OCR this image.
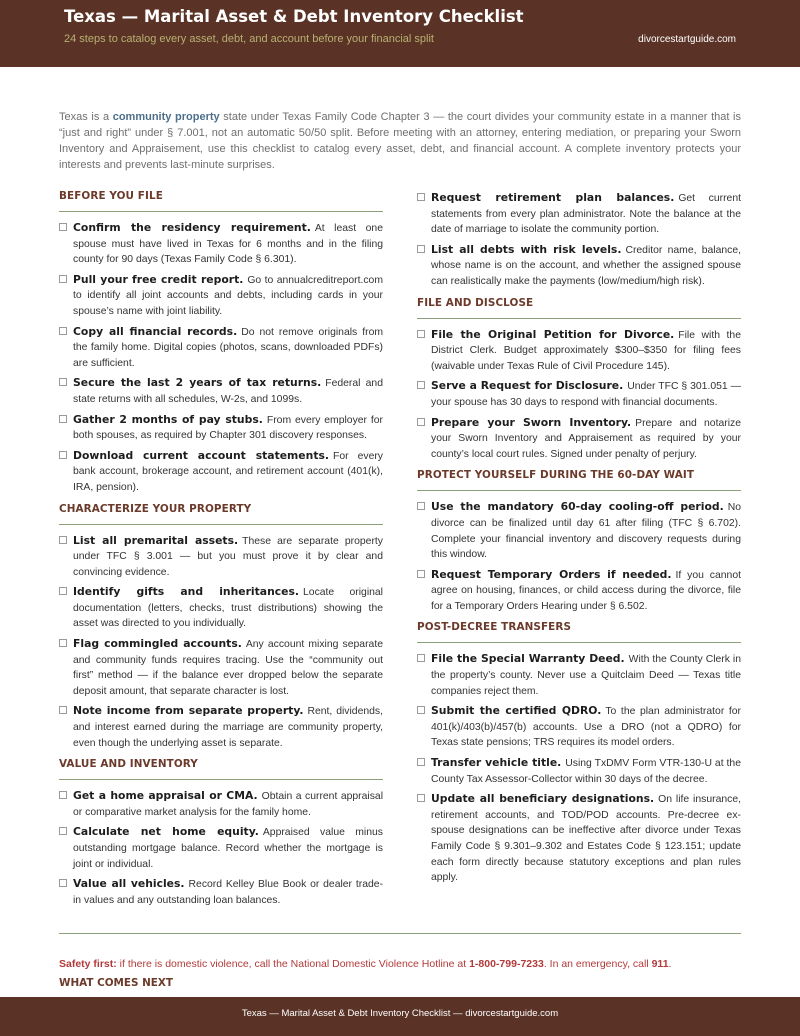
Texas — Marital Asset & Debt Inventory Checklist
24 steps to catalog every asset, debt, and account before your financial split	divorcestartguide.com

Texas is a community property state under Texas Family Code Chapter 3 — the court divides your community estate in a manner that is “just and right” under § 7.001, not an automatic 50/50 split. Before meeting with an attorney, entering mediation, or preparing your Sworn Inventory and Appraisement, use this checklist to catalog every asset, debt, and financial account. A complete inventory protects your interests and prevents last-minute surprises.

BEFORE YOU FILE
Confirm the residency requirement. At least one spouse must have lived in Texas for 6 months and in the filing county for 90 days (Texas Family Code § 6.301).
Pull your free credit report. Go to annualcreditreport.com to identify all joint accounts and debts, including cards in your spouse’s name with joint liability.
Copy all financial records. Do not remove originals from the family home. Digital copies (photos, scans, downloaded PDFs) are sufficient.
Secure the last 2 years of tax returns. Federal and state returns with all schedules, W-2s, and 1099s.
Gather 2 months of pay stubs. From every employer for both spouses, as required by Chapter 301 discovery responses.
Download current account statements. For every bank account, brokerage account, and retirement account (401(k), IRA, pension).
CHARACTERIZE YOUR PROPERTY
List all premarital assets. These are separate property under TFC § 3.001 — but you must prove it by clear and convincing evidence.
Identify gifts and inheritances. Locate original documentation (letters, checks, trust distributions) showing the asset was directed to you individually.
Flag commingled accounts. Any account mixing separate and community funds requires tracing. Use the “community out first” method — if the balance ever dropped below the separate deposit amount, that separate character is lost.
Note income from separate property. Rent, dividends, and interest earned during the marriage are community property, even though the underlying asset is separate.
VALUE AND INVENTORY
Get a home appraisal or CMA. Obtain a current appraisal or comparative market analysis for the family home.
Calculate net home equity. Appraised value minus outstanding mortgage balance. Record whether the mortgage is joint or individual.
Value all vehicles. Record Kelley Blue Book or dealer trade-in values and any outstanding loan balances.
Request retirement plan balances. Get current statements from every plan administrator. Note the balance at the date of marriage to isolate the community portion.
List all debts with risk levels. Creditor name, balance, whose name is on the account, and whether the assigned spouse can realistically make the payments (low/medium/high risk).
FILE AND DISCLOSE
File the Original Petition for Divorce. File with the District Clerk. Budget approximately $300–$350 for filing fees (waivable under Texas Rule of Civil Procedure 145).
Serve a Request for Disclosure. Under TFC § 301.051 — your spouse has 30 days to respond with financial documents.
Prepare your Sworn Inventory. Prepare and notarize your Sworn Inventory and Appraisement as required by your county’s local court rules. Signed under penalty of perjury.
PROTECT YOURSELF DURING THE 60-DAY WAIT
Use the mandatory 60-day cooling-off period. No divorce can be finalized until day 61 after filing (TFC § 6.702). Complete your financial inventory and discovery requests during this window.
Request Temporary Orders if needed. If you cannot agree on housing, finances, or child access during the divorce, file for a Temporary Orders Hearing under § 6.502.
POST-DECREE TRANSFERS
File the Special Warranty Deed. With the County Clerk in the property’s county. Never use a Quitclaim Deed — Texas title companies reject them.
Submit the certified QDRO. To the plan administrator for 401(k)/403(b)/457(b) accounts. Use a DRO (not a QDRO) for Texas state pensions; TRS requires its model orders.
Transfer vehicle title. Using TxDMV Form VTR-130-U at the County Tax Assessor-Collector within 30 days of the decree.
Update all beneficiary designations. On life insurance, retirement accounts, and TOD/POD accounts. Pre-decree ex-spouse designations can be ineffective after divorce under Texas Family Code § 9.301–9.302 and Estates Code § 123.151; update each form directly because statutory exceptions and plan rules apply.
Safety first: if there is domestic violence, call the National Domestic Violence Hotline at 1-800-799-7233. In an emergency, call 911.
WHAT COMES NEXT
Texas — Marital Asset & Debt Inventory Checklist — divorcestartguide.com
